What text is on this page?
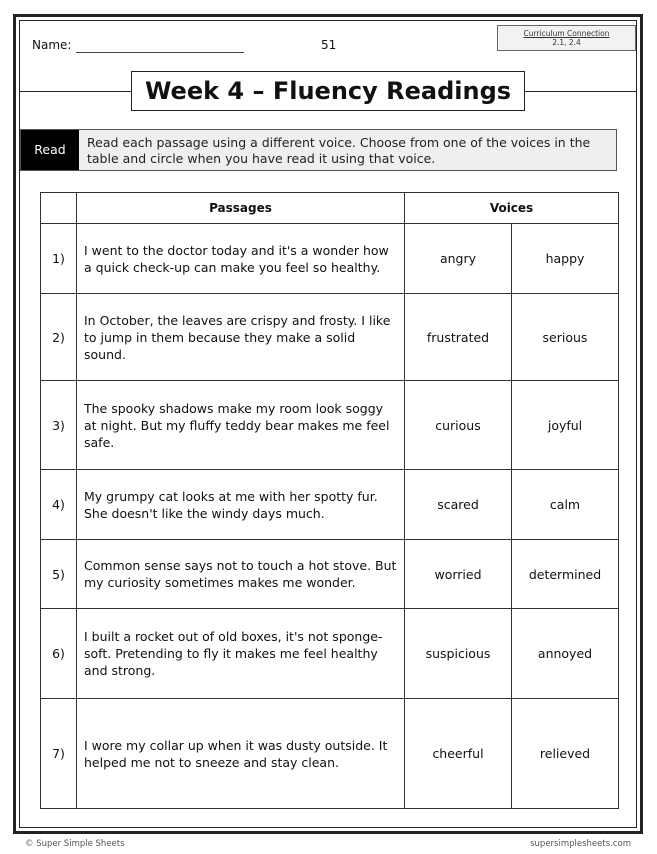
Name:	51
Curriculum Connection
2.1, 2.4
Week 4 – Fluency Readings
Read	Read each passage using a different voice. Choose from one of the voices in the table and circle when you have read it using that voice.
	Passages	Voices	
1)	I went to the doctor today and it's a wonder how a quick check-up can make you feel so healthy.	angry	happy
2)	In October, the leaves are crispy and frosty. I like to jump in them because they make a solid sound.	frustrated	serious
3)	The spooky shadows make my room look soggy at night. But my fluffy teddy bear makes me feel safe.	curious	joyful
4)	My grumpy cat looks at me with her spotty fur. She doesn't like the windy days much.	scared	calm
5)	Common sense says not to touch a hot stove. But my curiosity sometimes makes me wonder.	worried	determined
6)	I built a rocket out of old boxes, it's not sponge-soft. Pretending to fly it makes me feel healthy and strong.	suspicious	annoyed
7)	I wore my collar up when it was dusty outside. It helped me not to sneeze and stay clean.	cheerful	relieved
© Super Simple Sheets	supersimplesheets.com
